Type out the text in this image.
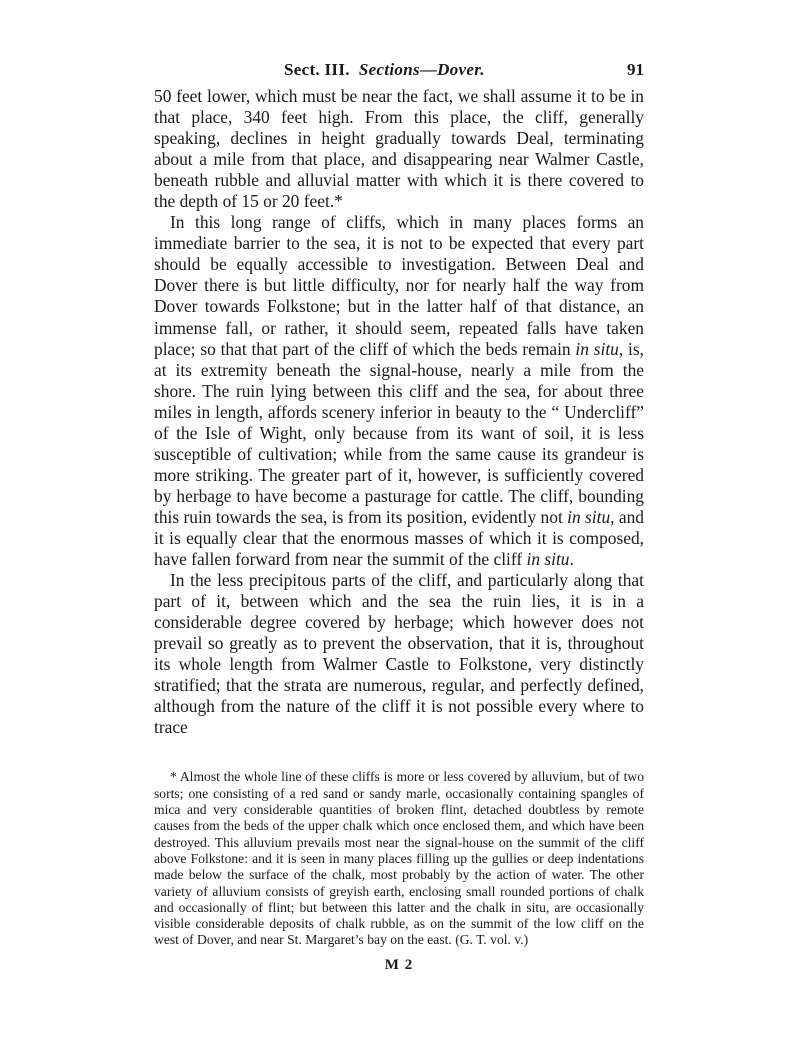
Sect. III. Sections—Dover.	91

50 feet lower, which must be near the fact, we shall assume it to be in that place, 340 feet high. From this place, the cliff, generally speaking, declines in height gradually towards Deal, terminating about a mile from that place, and disappearing near Walmer Castle, beneath rubble and alluvial matter with which it is there covered to the depth of 15 or 20 feet.*

In this long range of cliffs, which in many places forms an immediate barrier to the sea, it is not to be expected that every part should be equally accessible to investigation. Between Deal and Dover there is but little difficulty, nor for nearly half the way from Dover towards Folkstone; but in the latter half of that distance, an immense fall, or rather, it should seem, repeated falls have taken place; so that that part of the cliff of which the beds remain in situ, is, at its extremity beneath the signal-house, nearly a mile from the shore. The ruin lying between this cliff and the sea, for about three miles in length, affords scenery inferior in beauty to the “ Undercliff” of the Isle of Wight, only because from its want of soil, it is less susceptible of cultivation; while from the same cause its grandeur is more striking. The greater part of it, however, is sufficiently covered by herbage to have become a pasturage for cattle. The cliff, bounding this ruin towards the sea, is from its position, evidently not in situ, and it is equally clear that the enormous masses of which it is composed, have fallen forward from near the summit of the cliff in situ.

In the less precipitous parts of the cliff, and particularly along that part of it, between which and the sea the ruin lies, it is in a considerable degree covered by herbage; which however does not prevail so greatly as to prevent the observation, that it is, throughout its whole length from Walmer Castle to Folkstone, very distinctly stratified; that the strata are numerous, regular, and perfectly defined, although from the nature of the cliff it is not possible every where to trace

* Almost the whole line of these cliffs is more or less covered by alluvium, but of two sorts; one consisting of a red sand or sandy marle, occasionally containing spangles of mica and very considerable quantities of broken flint, detached doubtless by remote causes from the beds of the upper chalk which once enclosed them, and which have been destroyed. This alluvium prevails most near the signal-house on the summit of the cliff above Folkstone: and it is seen in many places filling up the gullies or deep indentations made below the surface of the chalk, most probably by the action of water. The other variety of alluvium consists of greyish earth, enclosing small rounded portions of chalk and occasionally of flint; but between this latter and the chalk in situ, are occasionally visible considerable deposits of chalk rubble, as on the summit of the low cliff on the west of Dover, and near St. Margaret’s bay on the east. (G. T. vol. v.)

M 2
